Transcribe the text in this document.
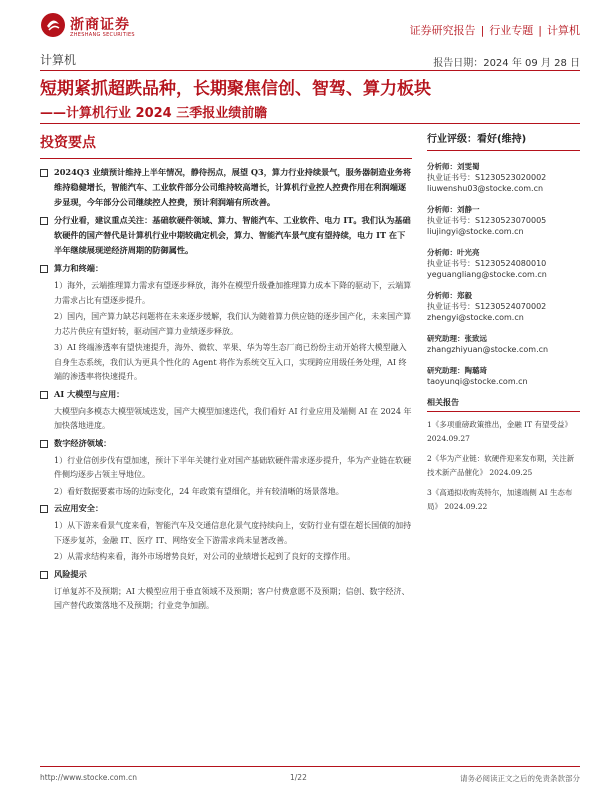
浙商证券
ZHESHANG SECURITIES	证券研究报告 | 行业专题 | 计算机
计算机	报告日期：2024 年 09 月 28 日
短期紧抓超跌品种，长期聚焦信创、智驾、算力板块
——计算机行业 2024 三季报业绩前瞻
投资要点
2024Q3 业绩预计维持上半年情况，静待拐点，展望 Q3，算力行业持续景气，服务器制造业务将维持稳健增长，智能汽车、工业软件部分公司维持较高增长，计算机行业控人控费作用在利润端逐步显现，今年部分公司继续控人控费，预计利润端有所改善。
分行业看，建议重点关注：基础软硬件领域、算力、智能汽车、工业软件、电力 IT。我们认为基础软硬件的国产替代是计算机行业中期较确定机会，算力、智能汽车景气度有望持续，电力 IT 在下半年继续展现逆经济周期的防御属性。
算力和终端：
1）海外，云端推理算力需求有望逐步释放，海外在模型升级叠加推理算力成本下降的驱动下，云端算力需求占比有望逐步提升。
2）国内，国产算力缺芯问题将在未来逐步缓解，我们认为随着算力供应链的逐步国产化，未来国产算力芯片供应有望好转，驱动国产算力业绩逐步释放。
3）AI 终端渗透率有望快速提升，海外、微软、苹果、华为等生态厂商已纷纷主动开始将大模型融入自身生态系统，我们认为更具个性化的 Agent 将作为系统交互入口，实现跨应用级任务处理，AI 终端的渗透率将快速提升。
AI 大模型与应用：
大模型向多模态大模型领域迭发，国产大模型加速迭代，我们看好 AI 行业应用及端侧 AI 在 2024 年加快落地进度。
数字经济领域：
1）行业信创步伐有望加速，预计下半年关键行业对国产基础软硬件需求逐步提升，华为产业链在软硬件侧均逐步占领主导地位。
2）看好数据要素市场的边际变化，24 年政策有望细化，并有较清晰的场景落地。
云应用安全：
1）从下游来看景气度来看，智能汽车及交通信息化景气度持续向上，安防行业有望在超长国债的加持下逐步复苏，金融 IT、医疗 IT、网络安全下游需求尚未显著改善。
2）从需求结构来看，海外市场增势良好，对公司的业绩增长起到了良好的支撑作用。
风险提示
订单复苏不及预期；AI 大模型应用于垂直领域不及预期；客户付费意愿不及预期；信创、数字经济、国产替代政策落地不及预期；行业竞争加剧。
行业评级：看好(维持)
分析师：刘雯蜀
执业证书号：S1230523020002
liuwenshu03@stocke.com.cn
分析师：刘静一
执业证书号：S1230523070005
liujingyi@stocke.com.cn
分析师：叶光亮
执业证书号：S1230524080010
yeguangliang@stocke.com.cn
分析师：郑毅
执业证书号：S1230524070002
zhengyi@stocke.com.cn
研究助理：张致远
zhangzhiyuan@stocke.com.cn
研究助理：陶璐琦
taoyunqi@stocke.com.cn
相关报告
1《多项重磅政策推出，金融 IT 有望受益》 2024.09.27
2《华为产业链：软硬件迎来发布期，关注新技术新产品催化》 2024.09.25
3《高通拟收购英特尔，加速端侧 AI 生态布局》 2024.09.22
http://www.stocke.com.cn	1/22	请务必阅读正文之后的免责条款部分
